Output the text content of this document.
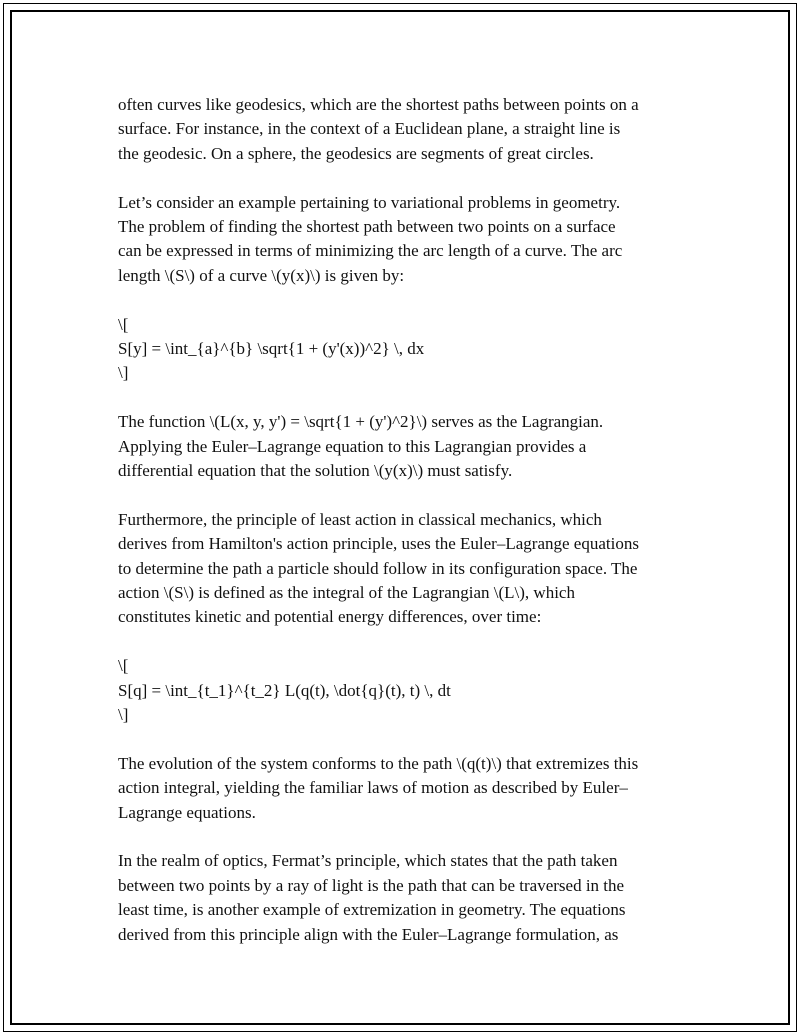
often curves like geodesics, which are the shortest paths between points on a
surface. For instance, in the context of a Euclidean plane, a straight line is
the geodesic. On a sphere, the geodesics are segments of great circles.
Let’s consider an example pertaining to variational problems in geometry.
The problem of finding the shortest path between two points on a surface
can be expressed in terms of minimizing the arc length of a curve. The arc
length \(S\) of a curve \(y(x)\) is given by:
\[
S[y] = \int_{a}^{b} \sqrt{1 + (y'(x))^2} \, dx
\]
The function \(L(x, y, y') = \sqrt{1 + (y')^2}\) serves as the Lagrangian.
Applying the Euler–Lagrange equation to this Lagrangian provides a
differential equation that the solution \(y(x)\) must satisfy.
Furthermore, the principle of least action in classical mechanics, which
derives from Hamilton's action principle, uses the Euler–Lagrange equations
to determine the path a particle should follow in its configuration space. The
action \(S\) is defined as the integral of the Lagrangian \(L\), which
constitutes kinetic and potential energy differences, over time:
\[
S[q] = \int_{t_1}^{t_2} L(q(t), \dot{q}(t), t) \, dt
\]
The evolution of the system conforms to the path \(q(t)\) that extremizes this
action integral, yielding the familiar laws of motion as described by Euler–
Lagrange equations.
In the realm of optics, Fermat’s principle, which states that the path taken
between two points by a ray of light is the path that can be traversed in the
least time, is another example of extremization in geometry. The equations
derived from this principle align with the Euler–Lagrange formulation, as
